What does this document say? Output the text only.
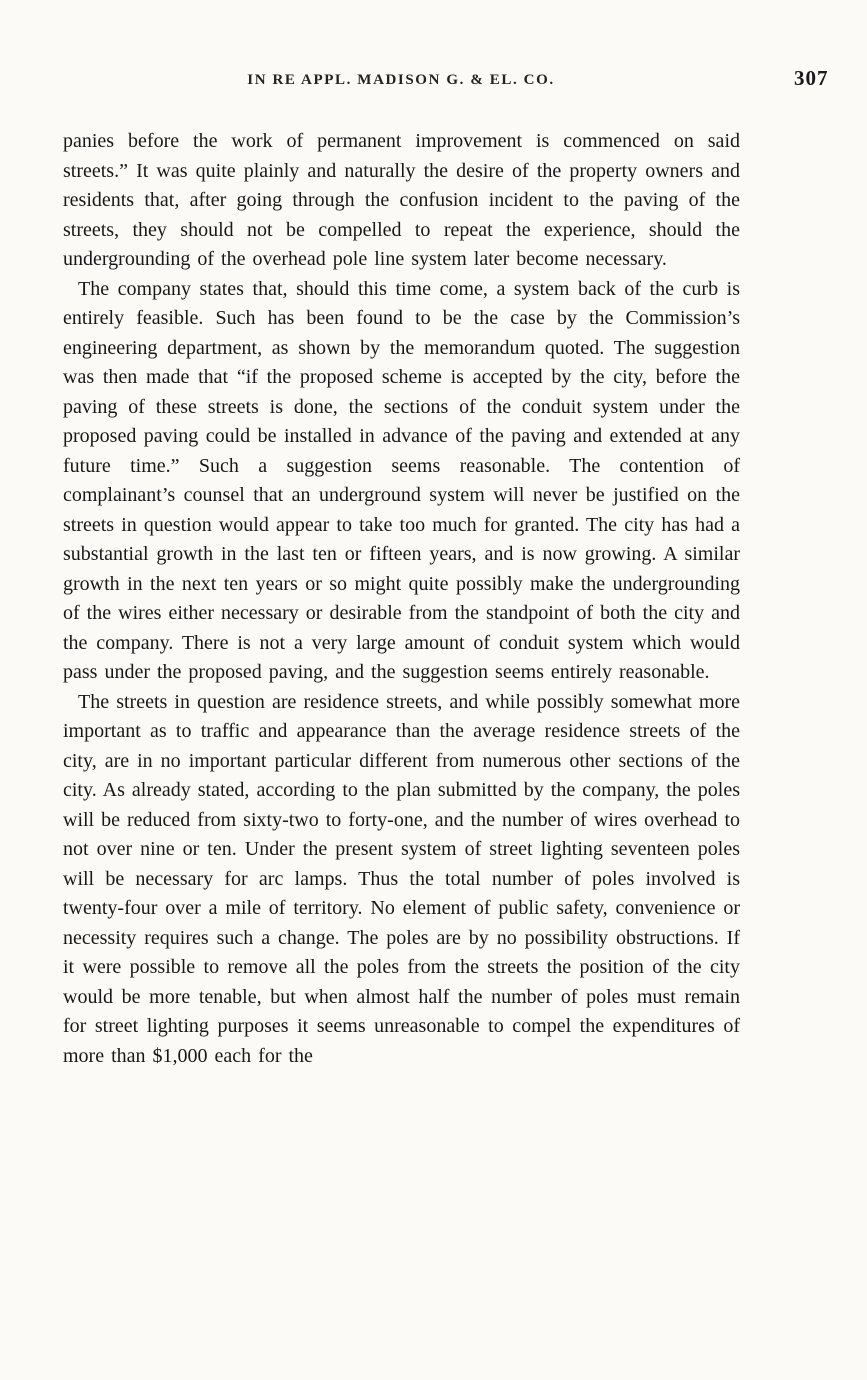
IN RE APPL. MADISON G. & EL. CO.	307

panies before the work of permanent improvement is commenced on said streets.” It was quite plainly and naturally the desire of the property owners and residents that, after going through the confusion incident to the paving of the streets, they should not be compelled to repeat the experience, should the undergrounding of the overhead pole line system later become necessary.

The company states that, should this time come, a system back of the curb is entirely feasible. Such has been found to be the case by the Commission’s engineering department, as shown by the memorandum quoted. The suggestion was then made that “if the proposed scheme is accepted by the city, before the paving of these streets is done, the sections of the conduit system under the proposed paving could be installed in advance of the paving and extended at any future time.” Such a suggestion seems reasonable. The contention of complainant’s counsel that an underground system will never be justified on the streets in question would appear to take too much for granted. The city has had a substantial growth in the last ten or fifteen years, and is now growing. A similar growth in the next ten years or so might quite possibly make the undergrounding of the wires either necessary or desirable from the standpoint of both the city and the company. There is not a very large amount of conduit system which would pass under the proposed paving, and the suggestion seems entirely reasonable.

The streets in question are residence streets, and while possibly somewhat more important as to traffic and appearance than the average residence streets of the city, are in no important particular different from numerous other sections of the city. As already stated, according to the plan submitted by the company, the poles will be reduced from sixty-two to forty-one, and the number of wires overhead to not over nine or ten. Under the present system of street lighting seventeen poles will be necessary for arc lamps. Thus the total number of poles involved is twenty-four over a mile of territory. No element of public safety, convenience or necessity requires such a change. The poles are by no possibility obstructions. If it were possible to remove all the poles from the streets the position of the city would be more tenable, but when almost half the number of poles must remain for street lighting purposes it seems unreasonable to compel the expenditures of more than $1,000 each for the
